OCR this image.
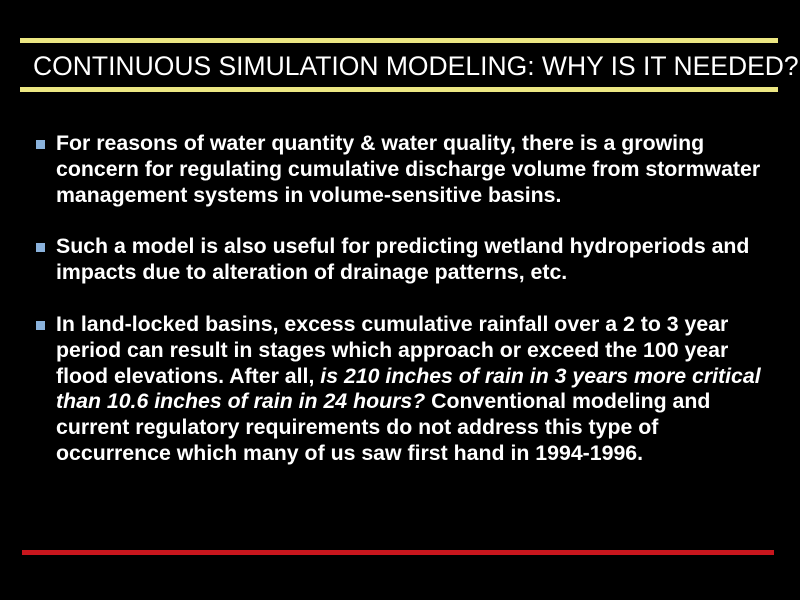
CONTINUOUS SIMULATION MODELING: WHY IS IT NEEDED?
For reasons of water quantity & water quality, there is a growing concern for regulating cumulative discharge volume from stormwater management systems in volume-sensitive basins.
Such a model is also useful for predicting wetland hydroperiods and impacts due to alteration of drainage patterns, etc.
In land-locked basins, excess cumulative rainfall over a 2 to 3 year period can result in stages which approach or exceed the 100 year flood elevations. After all, is 210 inches of rain in 3 years more critical than 10.6 inches of rain in 24 hours? Conventional modeling and current regulatory requirements do not address this type of occurrence which many of us saw first hand in 1994-1996.
